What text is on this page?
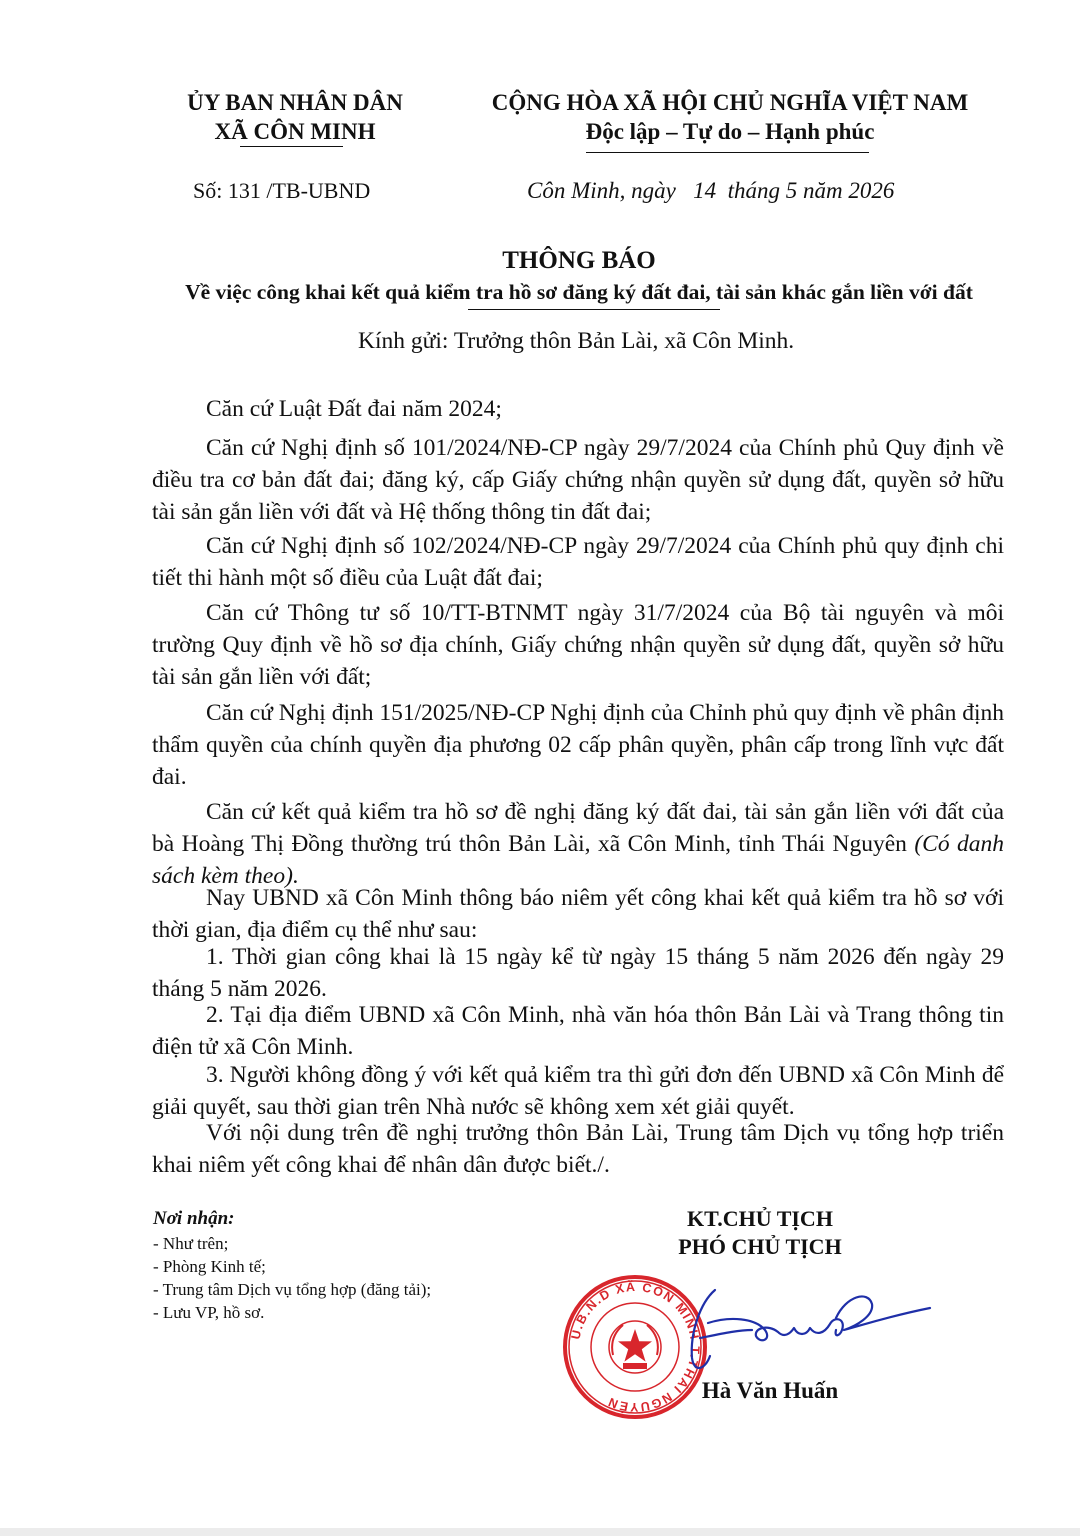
ỦY BAN NHÂN DÂN
XÃ CÔN MINH
CỘNG HÒA XÃ HỘI CHỦ NGHĨA VIỆT NAM
Độc lập – Tự do – Hạnh phúc
Số: 131 /TB-UBND	Côn Minh, ngày   14  tháng 5 năm 2026
THÔNG BÁO
Về việc công khai kết quả kiểm tra hồ sơ đăng ký đất đai, tài sản khác gắn liền với đất
Kính gửi: Trưởng thôn Bản Lài, xã Côn Minh.
Căn cứ Luật Đất đai năm 2024;
Căn cứ Nghị định số 101/2024/NĐ-CP ngày 29/7/2024 của Chính phủ Quy định về điều tra cơ bản đất đai; đăng ký, cấp Giấy chứng nhận quyền sử dụng đất, quyền sở hữu tài sản gắn liền với đất và Hệ thống thông tin đất đai;
Căn cứ Nghị định số 102/2024/NĐ-CP ngày 29/7/2024 của Chính phủ quy định chi tiết thi hành một số điều của Luật đất đai;
Căn cứ Thông tư số 10/TT-BTNMT ngày 31/7/2024 của Bộ tài nguyên và môi trường Quy định về hồ sơ địa chính, Giấy chứng nhận quyền sử dụng đất, quyền sở hữu tài sản gắn liền với đất;
Căn cứ Nghị định 151/2025/NĐ-CP Nghị định của Chỉnh phủ quy định về phân định thẩm quyền của chính quyền địa phương 02 cấp phân quyền, phân cấp trong lĩnh vực đất đai.
Căn cứ kết quả kiểm tra hồ sơ đề nghị đăng ký đất đai, tài sản gắn liền với đất của bà Hoàng Thị Đồng thường trú thôn Bản Lài, xã Côn Minh, tỉnh Thái Nguyên (Có danh sách kèm theo).
Nay UBND xã Côn Minh thông báo niêm yết công khai kết quả kiểm tra hồ sơ với thời gian, địa điểm cụ thể như sau:
1. Thời gian công khai là 15 ngày kể từ ngày 15 tháng 5 năm 2026 đến ngày 29 tháng 5 năm 2026.
2. Tại địa điểm UBND xã Côn Minh, nhà văn hóa thôn Bản Lài và Trang thông tin điện tử xã Côn Minh.
3. Người không đồng ý với kết quả kiểm tra thì gửi đơn đến UBND xã Côn Minh để giải quyết, sau thời gian trên Nhà nước sẽ không xem xét giải quyết.
Với nội dung trên đề nghị trưởng thôn Bản Lài, Trung tâm Dịch vụ tổng hợp triển khai niêm yết công khai để nhân dân được biết./.
Nơi nhận:
- Như trên;
- Phòng Kinh tế;
- Trung tâm Dịch vụ tổng hợp (đăng tải);
- Lưu VP, hồ sơ.
KT.CHỦ TỊCH
PHÓ CHỦ TỊCH
U.B.N.D XÃ CÔN MINH T.THÁI NGUYÊN	Hà Văn Huấn
